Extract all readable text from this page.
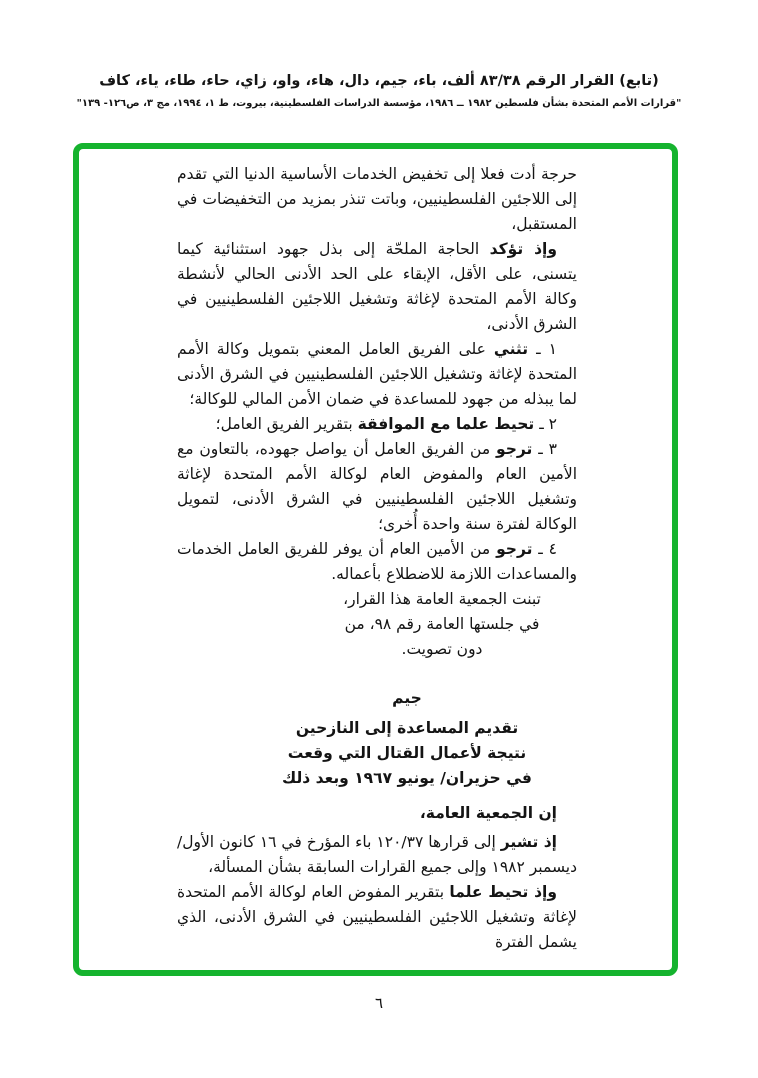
(تابع) القرار الرقم ٨٣/٣٨ ألف، باء، جيم، دال، هاء، واو، زاي، حاء، طاء، ياء، كاف
"قرارات الأمم المتحدة بشأن فلسطين ١٩٨٢ ــ ١٩٨٦، مؤسسة الدراسات الفلسطينية، بيروت، ط ١، ١٩٩٤، مج ٣، ص١٢٦- ١٣٩"

حرجة أدت فعلا إلى تخفيض الخدمات الأساسية الدنيا التي تقدم إلى اللاجئين الفلسطينيين، وباتت تنذر بمزيد من التخفيضات في المستقبل،

وإذ تؤكد الحاجة الملحّة إلى بذل جهود استثنائية كيما يتسنى، على الأقل، الإبقاء على الحد الأدنى الحالي لأنشطة وكالة الأمم المتحدة لإغاثة وتشغيل اللاجئين الفلسطينيين في الشرق الأدنى،

١ ـ تثني على الفريق العامل المعني بتمويل وكالة الأمم المتحدة لإغاثة وتشغيل اللاجئين الفلسطينيين في الشرق الأدنى لما يبذله من جهود للمساعدة في ضمان الأمن المالي للوكالة؛

٢ ـ تحيط علما مع الموافقة بتقرير الفريق العامل؛

٣ ـ ترجو من الفريق العامل أن يواصل جهوده، بالتعاون مع الأمين العام والمفوض العام لوكالة الأمم المتحدة لإغاثة وتشغيل اللاجئين الفلسطينيين في الشرق الأدنى، لتمويل الوكالة لفترة سنة واحدة أُخرى؛

٤ ـ ترجو من الأمين العام أن يوفر للفريق العامل الخدمات والمساعدات اللازمة للاضطلاع بأعماله.

تبنت الجمعية العامة هذا القرار،
في جلستها العامة رقم ٩٨، من
دون تصويت.

جيم

تقديم المساعدة إلى النازحين
نتيجة لأعمال القتال التي وقعت
في حزيران/ يونيو ١٩٦٧ وبعد ذلك

إن الجمعية العامة،

إذ تشير إلى قرارها ١٢٠/٣٧ باء المؤرخ في ١٦ كانون الأول/ ديسمبر ١٩٨٢ وإلى جميع القرارات السابقة بشأن المسألة،

وإذ تحيط علما بتقرير المفوض العام لوكالة الأمم المتحدة لإغاثة وتشغيل اللاجئين الفلسطينيين في الشرق الأدنى، الذي يشمل الفترة

٦
